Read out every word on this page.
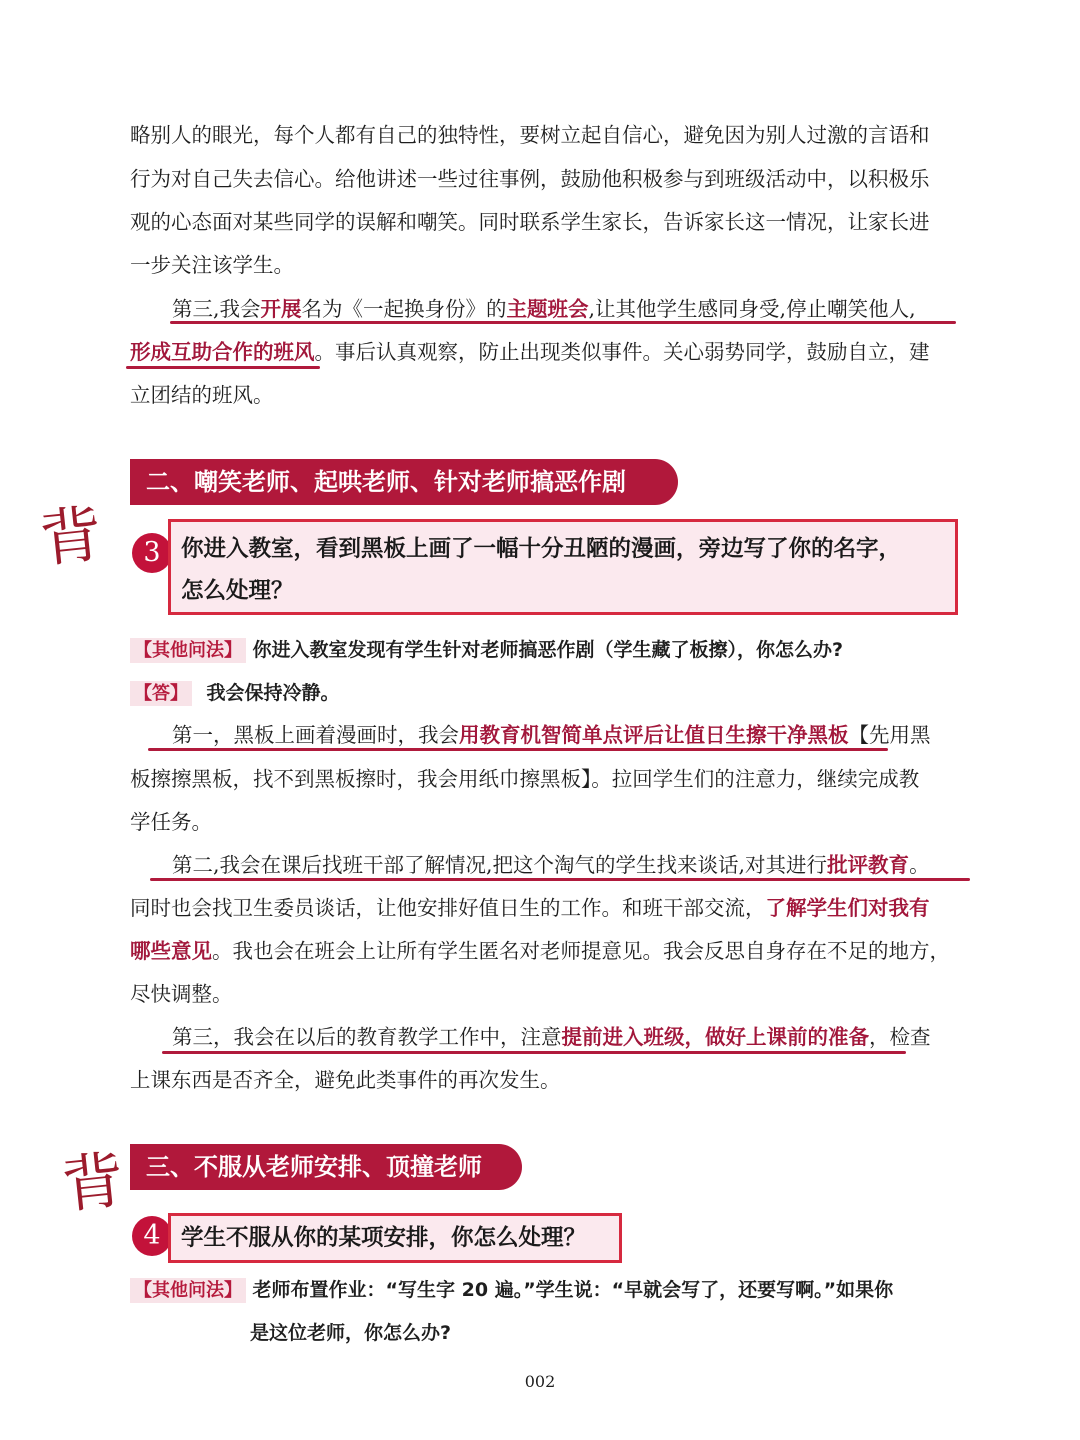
略别人的眼光，每个人都有自己的独特性，要树立起自信心，避免因为别人过激的言语和
行为对自己失去信心。给他讲述一些过往事例，鼓励他积极参与到班级活动中，以积极乐
观的心态面对某些同学的误解和嘲笑。同时联系学生家长，告诉家长这一情况，让家长进
一步关注该学生。
第三,我会开展名为《一起换身份》的主题班会,让其他学生感同身受,停止嘲笑他人,
形成互助合作的班风。事后认真观察，防止出现类似事件。关心弱势同学，鼓励自立，建
立团结的班风。
二、嘲笑老师、起哄老师、针对老师搞恶作剧
背	3 你进入教室，看到黑板上画了一幅十分丑陋的漫画，旁边写了你的名字，
怎么处理？
【其他问法】 你进入教室发现有学生针对老师搞恶作剧（学生藏了板擦），你怎么办?
【答】 我会保持冷静。
第一，黑板上画着漫画时，我会用教育机智简单点评后让值日生擦干净黑板【先用黑
板擦擦黑板，找不到黑板擦时，我会用纸巾擦黑板】。拉回学生们的注意力，继续完成教
学任务。
第二,我会在课后找班干部了解情况,把这个淘气的学生找来谈话,对其进行批评教育。
同时也会找卫生委员谈话，让他安排好值日生的工作。和班干部交流，了解学生们对我有
哪些意见。我也会在班会上让所有学生匿名对老师提意见。我会反思自身存在不足的地方，
尽快调整。
第三，我会在以后的教育教学工作中，注意提前进入班级，做好上课前的准备，检查
上课东西是否齐全，避免此类事件的再次发生。
三、不服从老师安排、顶撞老师
背
4 学生不服从你的某项安排，你怎么处理？
【其他问法】 老师布置作业：“写生字 20 遍。”学生说：“早就会写了，还要写啊。”如果你
是这位老师，你怎么办?
002
